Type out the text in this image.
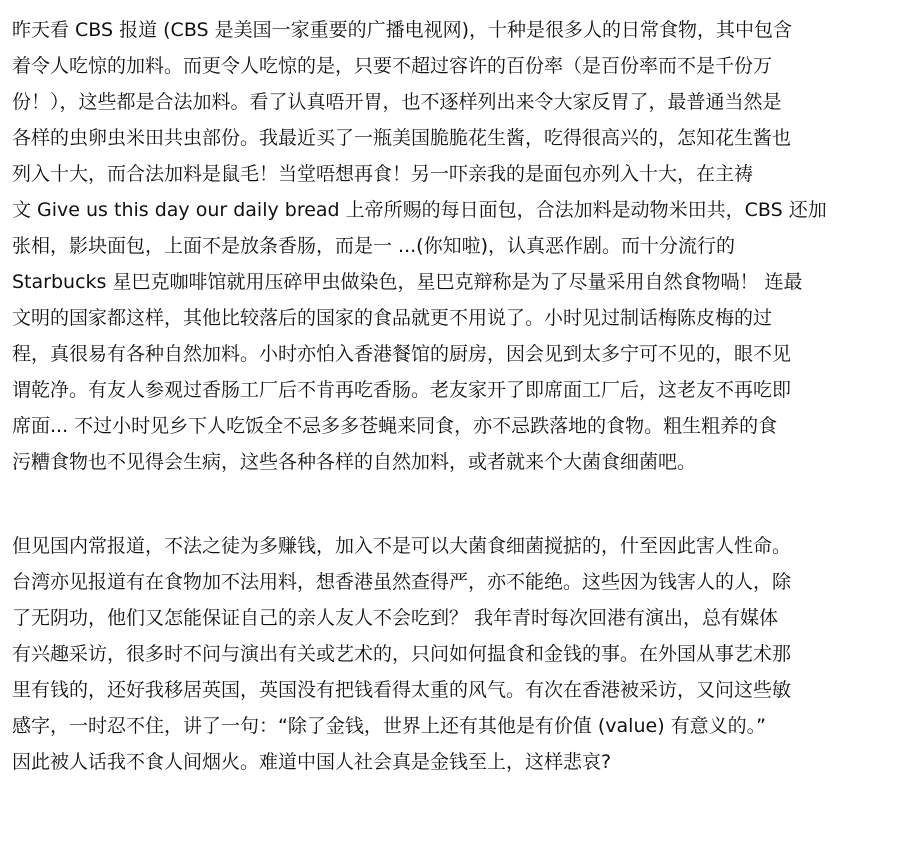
昨天看 CBS 报道 (CBS 是美国一家重要的广播电视网)，十种是很多人的日常食物，其中包含
着令人吃惊的加料。而更令人吃惊的是，只要不超过容许的百份率（是百份率而不是千份万
份！），这些都是合法加料。看了认真唔开胃，也不逐样列出来令大家反胃了，最普通当然是
各样的虫卵虫米田共虫部份。我最近买了一瓶美国脆脆花生酱，吃得很高兴的，怎知花生酱也
列入十大，而合法加料是鼠毛！当堂唔想再食！另一吓亲我的是面包亦列入十大，在主祷
文 Give us this day our daily bread 上帝所赐的每日面包，合法加料是动物米田共，CBS 还加
张相，影块面包，上面不是放条香肠，而是一 ...(你知啦)，认真恶作剧。而十分流行的
Starbucks 星巴克咖啡馆就用压碎甲虫做染色，星巴克辩称是为了尽量采用自然食物喎！ 连最
文明的国家都这样，其他比较落后的国家的食品就更不用说了。小时见过制话梅陈皮梅的过
程，真很易有各种自然加料。小时亦怕入香港餐馆的厨房，因会见到太多宁可不见的，眼不见
谓乾净。有友人参观过香肠工厂后不肯再吃香肠。老友家开了即席面工厂后，这老友不再吃即
席面... 不过小时见乡下人吃饭全不忌多多苍蝇来同食，亦不忌跌落地的食物。粗生粗养的食
污糟食物也不见得会生病，这些各种各样的自然加料，或者就来个大菌食细菌吧。
但见国内常报道，不法之徒为多赚钱，加入不是可以大菌食细菌搅掂的，什至因此害人性命。
台湾亦见报道有在食物加不法用料，想香港虽然查得严，亦不能绝。这些因为钱害人的人，除
了无阴功，他们又怎能保证自己的亲人友人不会吃到？ 我年青时每次回港有演出，总有媒体
有兴趣采访，很多时不问与演出有关或艺术的，只问如何揾食和金钱的事。在外国从事艺术那
里有钱的，还好我移居英国，英国没有把钱看得太重的风气。有次在香港被采访，又问这些敏
感字，一时忍不住，讲了一句：“除了金钱，世界上还有其他是有价值 (value) 有意义的。”
因此被人话我不食人间烟火。难道中国人社会真是金钱至上，这样悲哀?
